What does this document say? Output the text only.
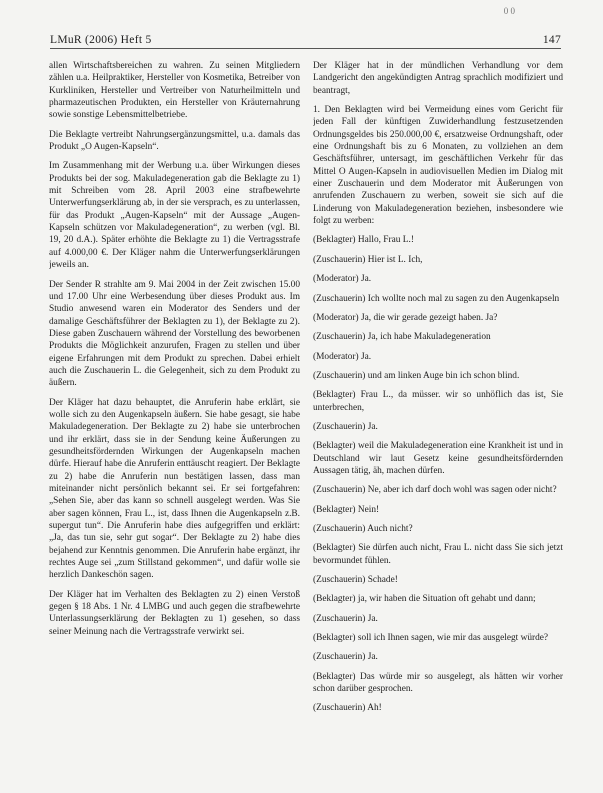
0 0
LMuR (2006) Heft 5	147

allen Wirtschaftsbereichen zu wahren. Zu seinen Mitgliedern zählen u.a. Heilpraktiker, Hersteller von Kosmetika, Betreiber von Kurkliniken, Hersteller und Vertreiber von Naturheilmitteln und pharmazeutischen Produkten, ein Hersteller von Kräuternahrung sowie sonstige Lebensmittelbetriebe.

Die Beklagte vertreibt Nahrungsergänzungsmittel, u.a. damals das Produkt „O Augen-Kapseln“.

Im Zusammenhang mit der Werbung u.a. über Wirkungen dieses Produkts bei der sog. Makuladegeneration gab die Beklagte zu 1) mit Schreiben vom 28. April 2003 eine strafbewehrte Unterwerfungserklärung ab, in der sie versprach, es zu unterlassen, für das Produkt „Augen-Kapseln“ mit der Aussage „Augen-Kapseln schützen vor Makuladegeneration“, zu werben (vgl. Bl. 19, 20 d.A.). Später erhöhte die Beklagte zu 1) die Vertragsstrafe auf 4.000,00 €. Der Kläger nahm die Unterwerfungserklärungen jeweils an.

Der Sender R strahlte am 9. Mai 2004 in der Zeit zwischen 15.00 und 17.00 Uhr eine Werbesendung über dieses Produkt aus. Im Studio anwesend waren ein Moderator des Senders und der damalige Geschäftsführer der Beklagten zu 1), der Beklagte zu 2). Diese gaben Zuschauern während der Vorstellung des beworbenen Produkts die Möglichkeit anzurufen, Fragen zu stellen und über eigene Erfahrungen mit dem Produkt zu sprechen. Dabei erhielt auch die Zuschauerin L. die Gelegenheit, sich zu dem Produkt zu äußern.

Der Kläger hat dazu behauptet, die Anruferin habe erklärt, sie wolle sich zu den Augenkapseln äußern. Sie habe gesagt, sie habe Makuladegeneration. Der Beklagte zu 2) habe sie unterbrochen und ihr erklärt, dass sie in der Sendung keine Äußerungen zu gesundheitsfördernden Wirkungen der Augenkapseln machen dürfe. Hierauf habe die Anruferin enttäuscht reagiert. Der Beklagte zu 2) habe die Anruferin nun bestätigen lassen, dass man miteinander nicht persönlich bekannt sei. Er sei fortgefahren: „Sehen Sie, aber das kann so schnell ausgelegt werden. Was Sie aber sagen können, Frau L., ist, dass Ihnen die Augenkapseln z.B. supergut tun“. Die Anruferin habe dies aufgegriffen und erklärt: „Ja, das tun sie, sehr gut sogar“. Der Beklagte zu 2) habe dies bejahend zur Kenntnis genommen. Die Anruferin habe ergänzt, ihr rechtes Auge sei „zum Stillstand gekommen“, und dafür wolle sie herzlich Dankeschön sagen.

Der Kläger hat im Verhalten des Beklagten zu 2) einen Verstoß gegen § 18 Abs. 1 Nr. 4 LMBG und auch gegen die strafbewehrte Unterlassungserklärung der Beklagten zu 1) gesehen, so dass seiner Meinung nach die Vertragsstrafe verwirkt sei.

Der Kläger hat in der mündlichen Verhandlung vor dem Landgericht den angekündigten Antrag sprachlich modifiziert und beantragt,

1. Den Beklagten wird bei Vermeidung eines vom Gericht für jeden Fall der künftigen Zuwiderhandlung festzusetzenden Ordnungsgeldes bis 250.000,00 €, ersatzweise Ordnungshaft, oder eine Ordnungshaft bis zu 6 Monaten, zu vollziehen an dem Geschäftsführer, untersagt, im geschäftlichen Verkehr für das Mittel O Augen-Kapseln in audiovisuellen Medien im Dialog mit einer Zuschauerin und dem Moderator mit Äußerungen von anrufenden Zuschauern zu werben, soweit sie sich auf die Linderung von Makuladegeneration beziehen, insbesondere wie folgt zu werben:

(Beklagter) Hallo, Frau L.!

(Zuschauerin) Hier ist L. Ich,

(Moderator) Ja.

(Zuschauerin) Ich wollte noch mal zu sagen zu den Augenkapseln

(Moderator) Ja, die wir gerade gezeigt haben. Ja?

(Zuschauerin) Ja, ich habe Makuladegeneration

(Moderator) Ja.

(Zuschauerin) und am linken Auge bin ich schon blind.

(Beklagter) Frau L., da müsser. wir so unhöflich das ist, Sie unterbrechen,

(Zuschauerin) Ja.

(Beklagter) weil die Makuladegeneration eine Krankheit ist und in Deutschland wir laut Gesetz keine gesundheitsfördernden Aussagen tätig, äh, machen dürfen.

(Zuschauerin) Ne, aber ich darf doch wohl was sagen oder nicht?

(Beklagter) Nein!

(Zuschauerin) Auch nicht?

(Beklagter) Sie dürfen auch nicht, Frau L. nicht dass Sie sich jetzt bevormundet fühlen.

(Zuschauerin) Schade!

(Beklagter) ja, wir haben die Situation oft gehabt und dann;

(Zuschauerin) Ja.

(Beklagter) soll ich Ihnen sagen, wie mir das ausgelegt würde?

(Zuschauerin) Ja.

(Beklagter) Das würde mir so ausgelegt, als hätten wir vorher schon darüber gesprochen.

(Zuschauerin) Ah!
